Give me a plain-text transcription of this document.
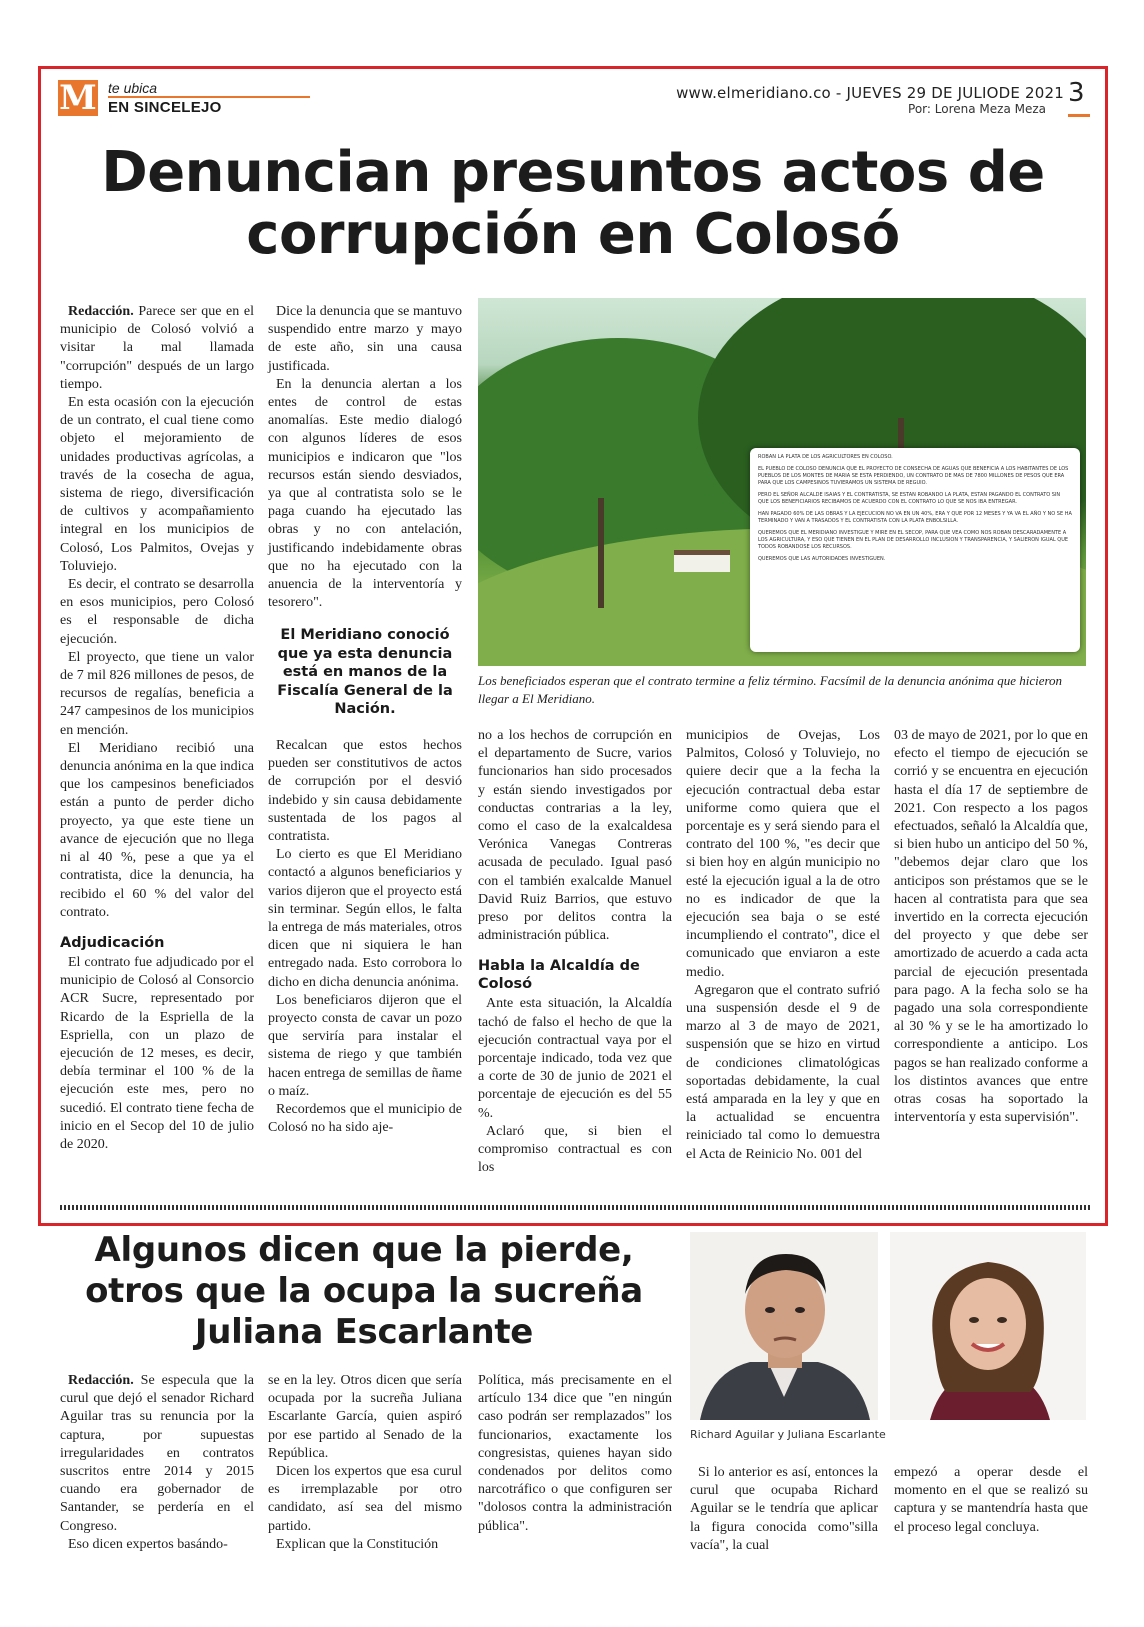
M te ubica
EN SINCELEJO
www.elmeridiano.co - JUEVES 29 DE JULIODE 2021
Por: Lorena Meza Meza
3
Denuncian presuntos actos de corrupción en Colosó

Redacción. Parece ser que en el municipio de Colosó volvió a visitar la mal llamada "corrupción" después de un largo tiempo.

En esta ocasión con la ejecución de un contrato, el cual tiene como objeto el mejoramiento de unidades productivas agrícolas, a través de la cosecha de agua, sistema de riego, diversificación de cultivos y acompañamiento integral en los municipios de Colosó, Los Palmitos, Ovejas y Toluviejo.

Es decir, el contrato se desarrolla en esos municipios, pero Colosó es el responsable de dicha ejecución.

El proyecto, que tiene un valor de 7 mil 826 millones de pesos, de recursos de regalías, beneficia a 247 campesinos de los municipios en mención.

El Meridiano recibió una denuncia anónima en la que indica que los campesinos beneficiados están a punto de perder dicho proyecto, ya que este tiene un avance de ejecución que no llega ni al 40 %, pese a que ya el contratista, dice la denuncia, ha recibido el 60 % del valor del contrato.

Adjudicación

El contrato fue adjudicado por el municipio de Colosó al Consorcio ACR Sucre, representado por Ricardo de la Espriella de la Espriella, con un plazo de ejecución de 12 meses, es decir, debía terminar el 100 % de la ejecución este mes, pero no sucedió. El contrato tiene fecha de inicio en el Secop del 10 de julio de 2020.

Dice la denuncia que se mantuvo suspendido entre marzo y mayo de este año, sin una causa justificada.

En la denuncia alertan a los entes de control de estas anomalías. Este medio dialogó con algunos líderes de esos municipios e indicaron que "los recursos están siendo desviados, ya que al contratista solo se le paga cuando ha ejecutado las obras y no con antelación, justificando indebidamente obras que no ha ejecutado con la anuencia de la interventoría y tesorero".

El Meridiano conoció que ya esta denuncia está en manos de la Fiscalía General de la Nación.

Recalcan que estos hechos pueden ser constitutivos de actos de corrupción por el desvió indebido y sin causa debidamente sustentada de los pagos al contratista.

Lo cierto es que El Meridiano contactó a algunos beneficiarios y varios dijeron que el proyecto está sin terminar. Según ellos, le falta la entrega de más materiales, otros dicen que ni siquiera le han entregado nada. Esto corrobora lo dicho en dicha denuncia anónima.

Los beneficiaros dijeron que el proyecto consta de cavar un pozo que serviría para instalar el sistema de riego y que también hacen entrega de semillas de ñame o maíz.

Recordemos que el municipio de Colosó no ha sido aje-

ROBAN LA PLATA DE LOS AGRICULTORES EN COLOSO.

EL PUEBLO DE COLOSO DENUNCIA QUE EL PROYECTO DE CONSECHA DE AGUAS QUE BENEFICIA A LOS HABITANTES DE LOS PUEBLOS DE LOS MONTES DE MARIA SE ESTA PERDIENDO, UN CONTRATO DE MAS DE 7800 MILLONES DE PESOS QUE ERA PARA QUE LOS CAMPESINOS TUVIERAMOS UN SISTEMA DE REGUIO.

PERO EL SEÑOR ALCALDE ISAIAS Y EL CONTRATISTA, SE ESTAN ROBANDO LA PLATA, ESTAN PAGANDO EL CONTRATO SIN QUE LOS BENEFICIARIOS RECIBAMOS DE ACUERDO CON EL CONTRATO LO QUE SE NOS IBA ENTREGAR.

HAN PAGADO 60% DE LAS OBRAS Y LA EJECUCION NO VA EN UN 40%, ERA Y QUE POR 12 MESES Y YA VA EL AÑO Y NO SE HA TERMINADO Y VAN A TRASADOS Y EL CONTRATISTA CON LA PLATA ENBOLSILLA.

QUEREMOS QUE EL MERIDIANO INVESTIGUE Y MIRE EN EL SECOP, PARA QUE VEA COMO NOS ROBAN DESCARADAMENTE A LOS AGRICULTURA, Y ESO QUE TIENEN EN EL PLAN DE DESARROLLO INCLUSION Y TRANSPARENCIA, Y SALIERON IGUAL QUE TODOS ROBANDOSE LOS RECURSOS.

QUEREMOS QUE LAS AUTORIDADES INVESTIGUEN.

Los beneficiados esperan que el contrato termine a feliz término. Facsímil de la denuncia anónima que hicieron llegar a El Meridiano.

no a los hechos de corrupción en el departamento de Sucre, varios funcionarios han sido procesados y están siendo investigados por conductas contrarias a la ley, como el caso de la exalcaldesa Verónica Vanegas Contreras acusada de peculado. Igual pasó con el también exalcalde Manuel David Ruiz Barrios, que estuvo preso por delitos contra la administración pública.

Habla la Alcaldía de Colosó

Ante esta situación, la Alcaldía tachó de falso el hecho de que la ejecución contractual vaya por el porcentaje indicado, toda vez que a corte de 30 de junio de 2021 el porcentaje de ejecución es del 55 %.

Aclaró que, si bien el compromiso contractual es con los

municipios de Ovejas, Los Palmitos, Colosó y Toluviejo, no quiere decir que a la fecha la ejecución contractual deba estar uniforme como quiera que el porcentaje es y será siendo para el contrato del 100 %, "es decir que si bien hoy en algún municipio no esté la ejecución igual a la de otro no es indicador de que la ejecución sea baja o se esté incumpliendo el contrato", dice el comunicado que enviaron a este medio.

Agregaron que el contrato sufrió una suspensión desde el 9 de marzo al 3 de mayo de 2021, suspensión que se hizo en virtud de condiciones climatológicas soportadas debidamente, la cual está amparada en la ley y que en la actualidad se encuentra reiniciado tal como lo demuestra el Acta de Reinicio No. 001 del

03 de mayo de 2021, por lo que en efecto el tiempo de ejecución se corrió y se encuentra en ejecución hasta el día 17 de septiembre de 2021. Con respecto a los pagos efectuados, señaló la Alcaldía que, si bien hubo un anticipo del 50 %, "debemos dejar claro que los anticipos son préstamos que se le hacen al contratista para que sea invertido en la correcta ejecución del proyecto y que debe ser amortizado de acuerdo a cada acta parcial de ejecución presentada para pago. A la fecha solo se ha pagado una sola correspondiente al 30 % y se le ha amortizado lo correspondiente a anticipo. Los pagos se han realizado conforme a los distintos avances que entre otras cosas ha soportado la interventoría y esta supervisión".

Algunos dicen que la pierde, otros que la ocupa la sucreña Juliana Escarlante
Richard Aguilar y Juliana Escarlante

Redacción. Se especula que la curul que dejó el senador Richard Aguilar tras su renuncia por la captura, por supuestas irregularidades en contratos suscritos entre 2014 y 2015 cuando era gobernador de Santander, se perdería en el Congreso.

Eso dicen expertos basándo-

se en la ley. Otros dicen que sería ocupada por la sucreña Juliana Escarlante García, quien aspiró por ese partido al Senado de la República.

Dicen los expertos que esa curul es irremplazable por otro candidato, así sea del mismo partido.

Explican que la Constitución

Política, más precisamente en el artículo 134 dice que "en ningún caso podrán ser remplazados" los funcionarios, exactamente los congresistas, quienes hayan sido condenados por delitos como narcotráfico o que configuren ser "dolosos contra la administración pública".

Si lo anterior es así, entonces la curul que ocupaba Richard Aguilar se le tendría que aplicar la figura conocida como"silla vacía", la cual

empezó a operar desde el momento en el que se realizó su captura y se mantendría hasta que el proceso legal concluya.
